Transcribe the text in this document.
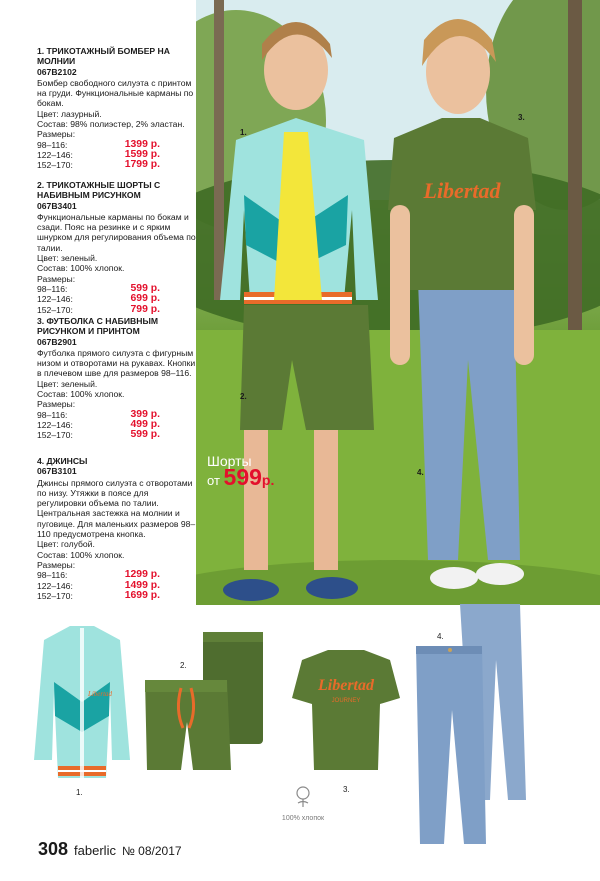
1. ТРИКОТАЖНЫЙ БОМБЕР НА МОЛНИИ
067B2102
Бомбер свободного силуэта с принтом на груди. Функциональные карманы по бокам.
Цвет: лазурный.
Состав: 98% полиэстер, 2% эластан.
Размеры:
98–116:	1399 р.
122–146:	1599 р.
152–170:	1799 р.
2. ТРИКОТАЖНЫЕ ШОРТЫ С НАБИВНЫМ РИСУНКОМ
067B3401
Функциональные карманы по бокам и сзади. Пояс на резинке и с ярким шнурком для регулирования объема по талии.
Цвет: зеленый.
Состав: 100% хлопок.
Размеры:
98–116:	599 р.
122–146:	699 р.
152–170:	799 р.
3. ФУТБОЛКА С НАБИВНЫМ РИСУНКОМ И ПРИНТОМ
067B2901
Футболка прямого силуэта с фигурным низом и отворотами на рукавах. Кнопки в плечевом шве для размеров 98–116.
Цвет: зеленый.
Состав: 100% хлопок.
Размеры:
98–116:	399 р.
122–146:	499 р.
152–170:	599 р.
4. ДЖИНСЫ
067B3101
Джинсы прямого силуэта с отворотами по низу. Утяжки в поясе для регулировки объема по талии. Центральная застежка на молнии и пуговице. Для маленьких размеров 98–110 предусмотрена кнопка.
Цвет: голубой.
Состав: 100% хлопок.
Размеры:
98–116:	1299 р.
122–146:	1499 р.
152–170:	1699 р.
Libertad
1.
2.
3.
4.
Шорты
от 599р.
Libertad
1.
2.
Libertad
JOURNEY
3.
4.
100% хлопок
308 faberlic № 08/2017
